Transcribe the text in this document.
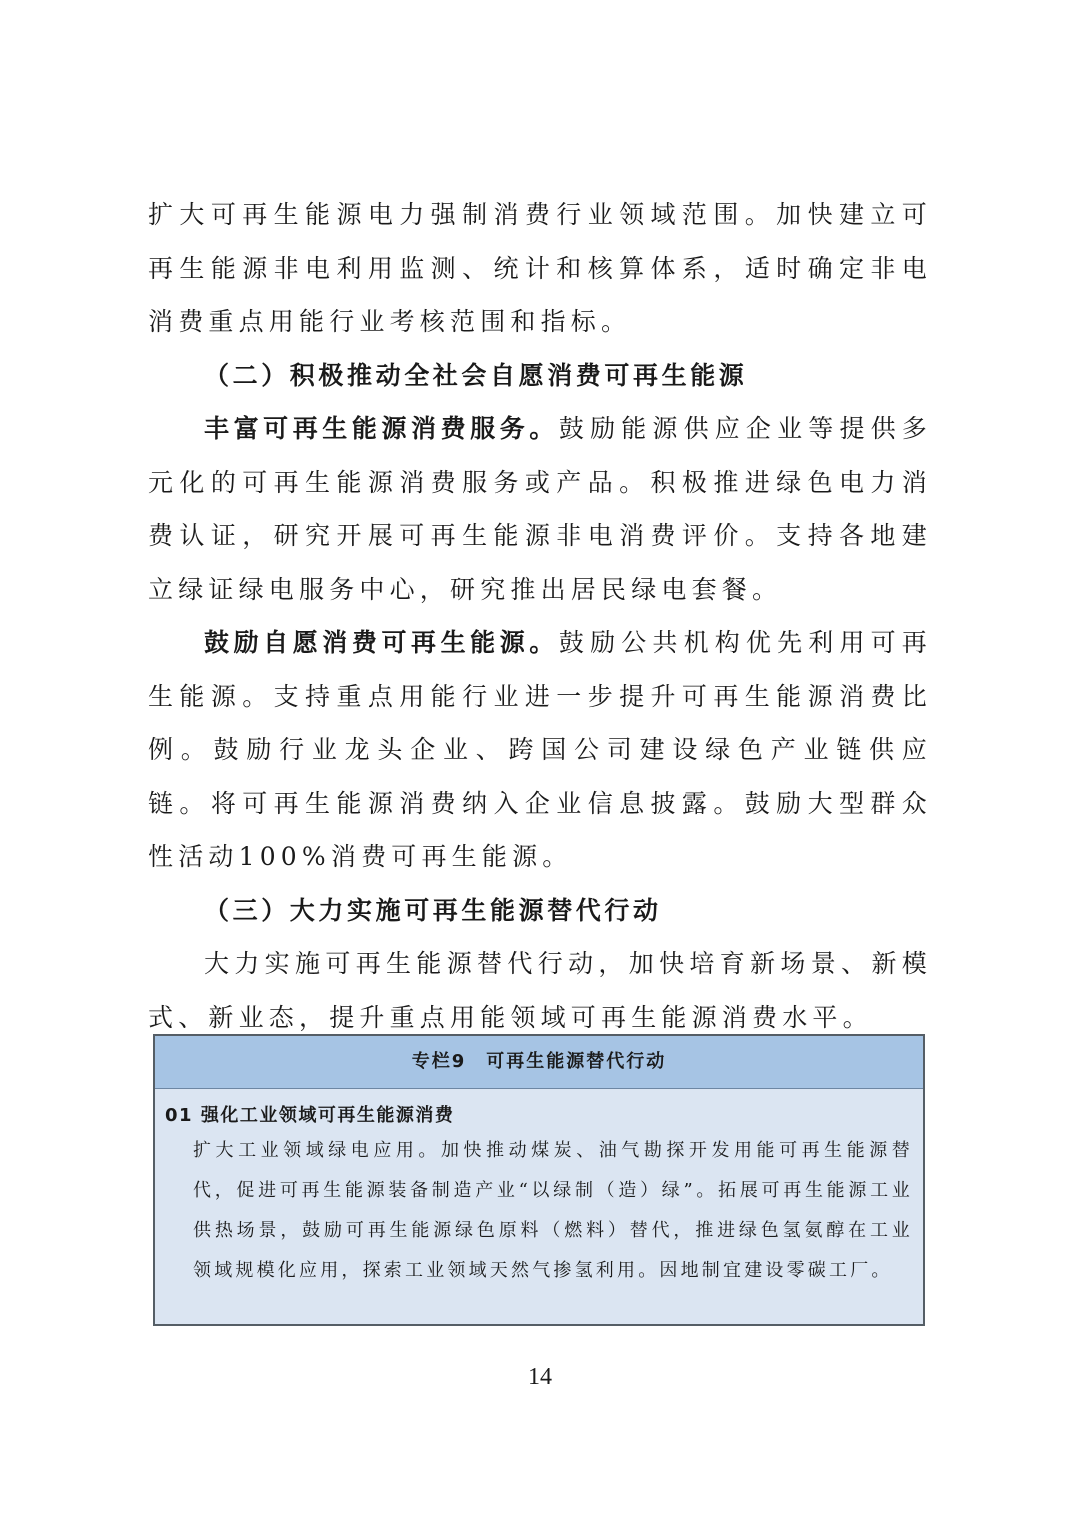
扩大可再生能源电力强制消费行业领域范围。加快建立可再生能源非电利用监测、统计和核算体系，适时确定非电消费重点用能行业考核范围和指标。

（二）积极推动全社会自愿消费可再生能源

丰富可再生能源消费服务。鼓励能源供应企业等提供多元化的可再生能源消费服务或产品。积极推进绿色电力消费认证，研究开展可再生能源非电消费评价。支持各地建立绿证绿电服务中心，研究推出居民绿电套餐。

鼓励自愿消费可再生能源。鼓励公共机构优先利用可再生能源。支持重点用能行业进一步提升可再生能源消费比例。鼓励行业龙头企业、跨国公司建设绿色产业链供应链。将可再生能源消费纳入企业信息披露。鼓励大型群众性活动100%消费可再生能源。

（三）大力实施可再生能源替代行动

大力实施可再生能源替代行动，加快培育新场景、新模式、新业态，提升重点用能领域可再生能源消费水平。

专栏9　可再生能源替代行动
01 强化工业领域可再生能源消费
扩大工业领域绿电应用。加快推动煤炭、油气勘探开发用能可再生能源替代，促进可再生能源装备制造产业“以绿制（造）绿”。拓展可再生能源工业供热场景，鼓励可再生能源绿色原料（燃料）替代，推进绿色氢氨醇在工业领域规模化应用，探索工业领域天然气掺氢利用。因地制宜建设零碳工厂。
14
